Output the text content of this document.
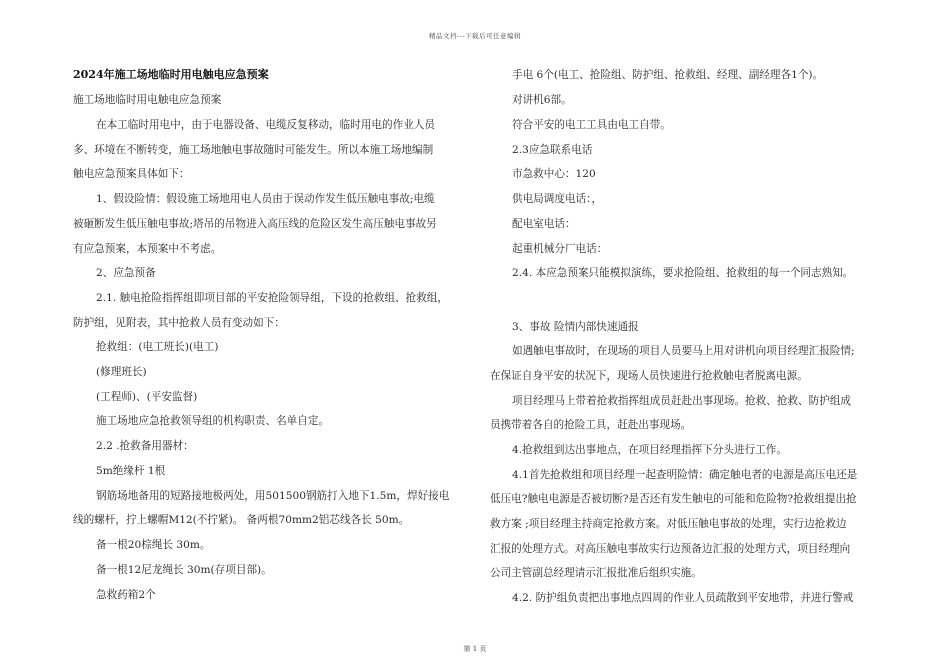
精品文档---下载后可任意编辑
2024年施工场地临时用电触电应急预案
施工场地临时用电触电应急预案
在本工临时用电中，由于电器设备、电缆反复移动，临时用电的作业人员
多、环境在不断转变，施工场地触电事故随时可能发生。所以本施工场地编制
触电应急预案具体如下：
1、假设险情：假设施工场地用电人员由于误动作发生低压触电事故;电缆
被砸断发生低压触电事故;塔吊的吊物进入高压线的危险区发生高压触电事故另
有应急预案，本预案中不考虑。
2、应急预备
2.1. 触电抢险指挥组即项目部的平安抢险领导组，下设的抢救组、抢救组，
防护组，见附表，其中抢救人员有变动如下：
抢救组：(电工班长)(电工)
(修理班长)
(工程师)、(平安监督)
施工场地应急抢救领导组的机构职责、名单自定。
2.2 .抢救备用器材：
5m绝缘杆 1根
钢筋场地备用的短路接地极两处，用501500钢筋打入地下1.5m，焊好接电
线的螺杆，拧上螺帽M12(不拧紧)。 备两根70mm2铝芯线各长 50m。
备一根20棕绳长 30m。
备一根12尼龙绳长 30m(存项目部)。
急救药箱2个
手电 6个(电工、抢险组、防护组、抢救组、经理、副经理各1个)。
对讲机6部。
符合平安的电工工具由电工自带。
2.3应急联系电话
市急救中心：120
供电局调度电话：，
配电室电话：
起重机械分厂电话：
2.4. 本应急预案只能模拟演练，要求抢险组、抢救组的每一个同志熟知。
3、事故 险情内部快速通报
如遇触电事故时，在现场的项目人员要马上用对讲机向项目经理汇报险情;
在保证自身平安的状况下，现场人员快速进行抢救触电者脱离电源。
项目经理马上带着抢救指挥组成员赶赴出事现场。抢救、抢救、防护组成
员携带着各自的抢险工具，赶赴出事现场。
4.抢救组到达出事地点，在项目经理指挥下分头进行工作。
4.1首先抢救组和项目经理一起查明险情：确定触电者的电源是高压电还是
低压电?触电电源是否被切断?是否还有发生触电的可能和危险物?抢救组提出抢
救方案 ;项目经理主持商定抢救方案。对低压触电事故的处理，实行边抢救边
汇报的处理方式。对高压触电事故实行边预备边汇报的处理方式，项目经理向
公司主管副总经理请示汇报批准后组织实施。
4.2. 防护组负责把出事地点四周的作业人员疏散到平安地带，并进行警戒
第 1 页
